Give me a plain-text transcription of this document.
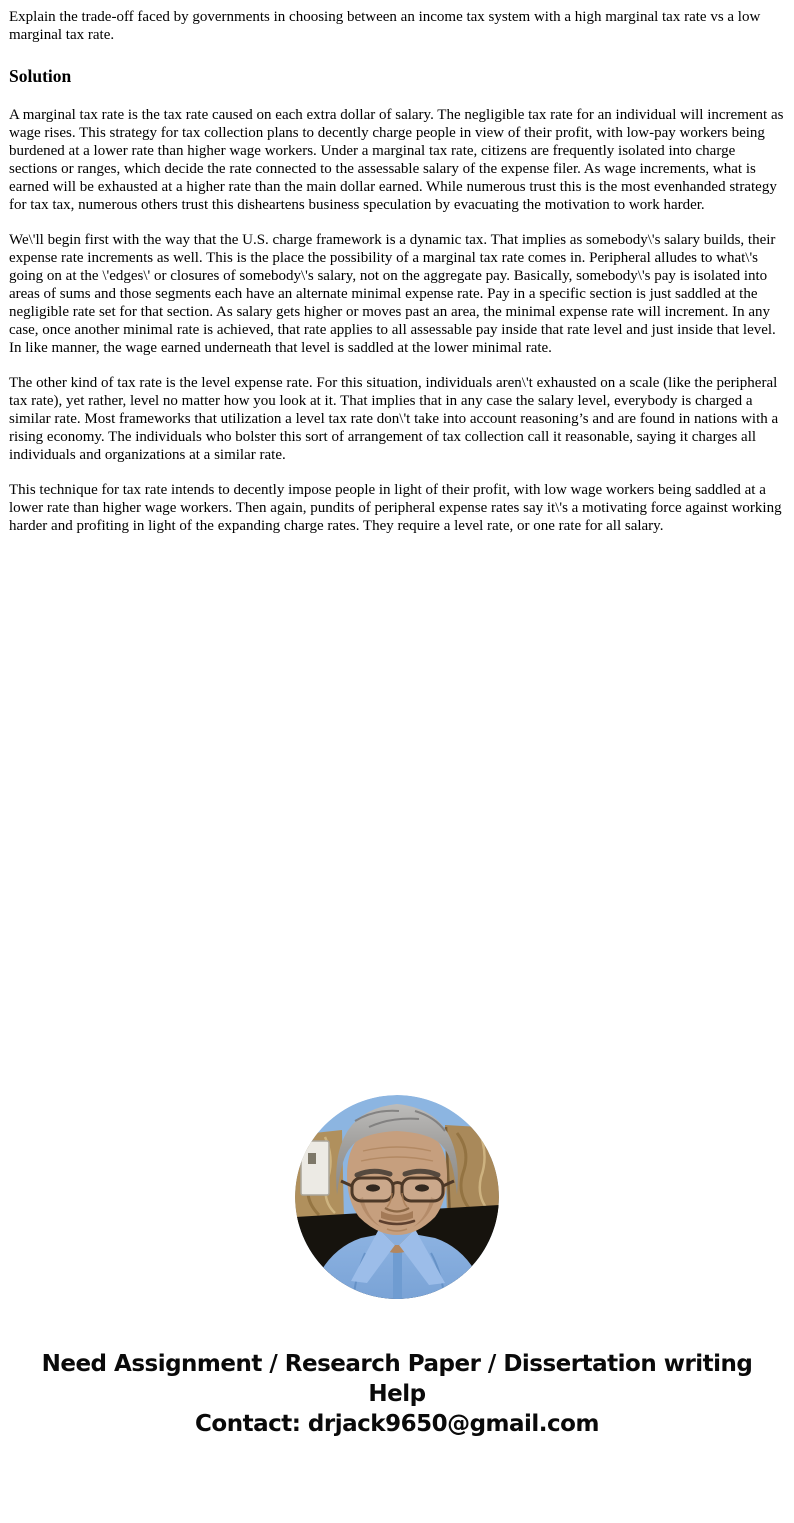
Explain the trade-off faced by governments in choosing between an income tax system with a high marginal tax rate vs a low marginal tax rate.

Solution

A marginal tax rate is the tax rate caused on each extra dollar of salary. The negligible tax rate for an individual will increment as wage rises. This strategy for tax collection plans to decently charge people in view of their profit, with low-pay workers being burdened at a lower rate than higher wage workers. Under a marginal tax rate, citizens are frequently isolated into charge sections or ranges, which decide the rate connected to the assessable salary of the expense filer. As wage increments, what is earned will be exhausted at a higher rate than the main dollar earned. While numerous trust this is the most evenhanded strategy for tax tax, numerous others trust this disheartens business speculation by evacuating the motivation to work harder.

We\'ll begin first with the way that the U.S. charge framework is a dynamic tax. That implies as somebody\'s salary builds, their expense rate increments as well. This is the place the possibility of a marginal tax rate comes in. Peripheral alludes to what\'s going on at the \'edges\' or closures of somebody\'s salary, not on the aggregate pay. Basically, somebody\'s pay is isolated into areas of sums and those segments each have an alternate minimal expense rate. Pay in a specific section is just saddled at the negligible rate set for that section. As salary gets higher or moves past an area, the minimal expense rate will increment. In any case, once another minimal rate is achieved, that rate applies to all assessable pay inside that rate level and just inside that level. In like manner, the wage earned underneath that level is saddled at the lower minimal rate.

The other kind of tax rate is the level expense rate. For this situation, individuals aren\'t exhausted on a scale (like the peripheral tax rate), yet rather, level no matter how you look at it. That implies that in any case the salary level, everybody is charged a similar rate. Most frameworks that utilization a level tax rate don\'t take into account reasoning’s and are found in nations with a rising economy. The individuals who bolster this sort of arrangement of tax collection call it reasonable, saying it charges all individuals and organizations at a similar rate.

This technique for tax rate intends to decently impose people in light of their profit, with low wage workers being saddled at a lower rate than higher wage workers. Then again, pundits of peripheral expense rates say it\'s a motivating force against working harder and profiting in light of the expanding charge rates. They require a level rate, or one rate for all salary.

Need Assignment / Research Paper / Dissertation writing Help
Contact: drjack9650@gmail.com
